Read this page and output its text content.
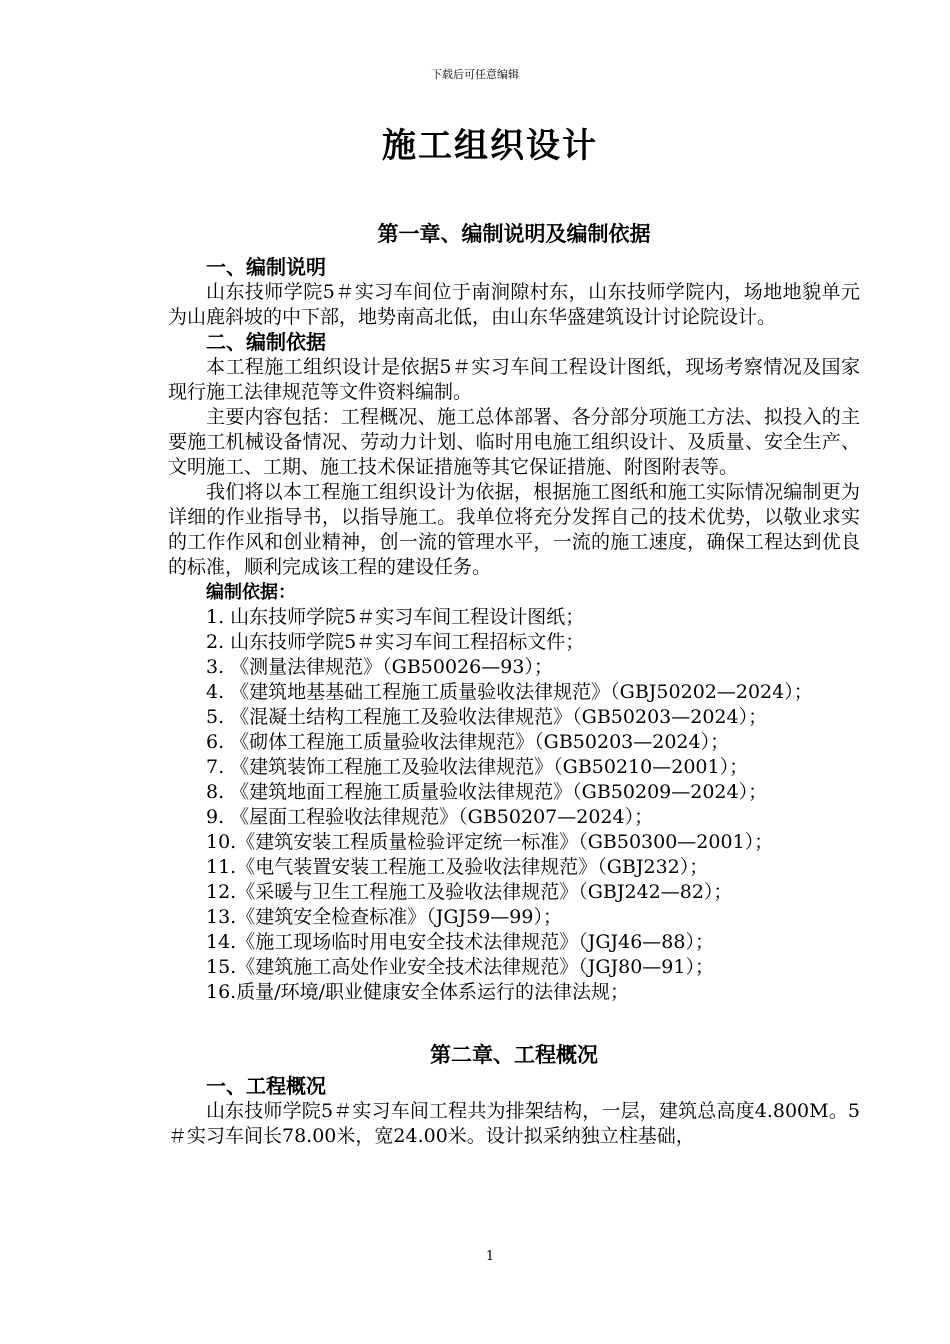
下载后可任意编辑
施工组织设计
第一章、编制说明及编制依据
一、编制说明

山东技师学院5＃实习车间位于南涧隙村东，山东技师学院内，场地地貌单元为山鹿斜坡的中下部，地势南高北低，由山东华盛建筑设计讨论院设计。

二、编制依据

本工程施工组织设计是依据5＃实习车间工程设计图纸，现场考察情况及国家现行施工法律规范等文件资料编制。

主要内容包括：工程概况、施工总体部署、各分部分项施工方法、拟投入的主要施工机械设备情况、劳动力计划、临时用电施工组织设计、及质量、安全生产、文明施工、工期、施工技术保证措施等其它保证措施、附图附表等。

我们将以本工程施工组织设计为依据，根据施工图纸和施工实际情况编制更为详细的作业指导书，以指导施工。我单位将充分发挥自己的技术优势，以敬业求实的工作作风和创业精神，创一流的管理水平，一流的施工速度，确保工程达到优良的标准，顺利完成该工程的建设任务。

编制依据：
1. 山东技师学院5＃实习车间工程设计图纸；
2. 山东技师学院5＃实习车间工程招标文件；
3. 《测量法律规范》（GB50026—93）；
4. 《建筑地基基础工程施工质量验收法律规范》（GBJ50202—2024）；
5. 《混凝土结构工程施工及验收法律规范》（GB50203—2024）；
6. 《砌体工程施工质量验收法律规范》（GB50203—2024）；
7. 《建筑装饰工程施工及验收法律规范》（GB50210—2001）；
8. 《建筑地面工程施工质量验收法律规范》（GB50209—2024）；
9. 《屋面工程验收法律规范》（GB50207—2024）；
10.《建筑安装工程质量检验评定统一标准》（GB50300—2001）；
11.《电气装置安装工程施工及验收法律规范》（GBJ232）；
12.《采暖与卫生工程施工及验收法律规范》（GBJ242—82）；
13.《建筑安全检查标准》（JGJ59—99）；
14.《施工现场临时用电安全技术法律规范》（JGJ46—88）；
15.《建筑施工高处作业安全技术法律规范》（JGJ80—91）；
16.质量/环境/职业健康安全体系运行的法律法规；
第二章、工程概况
一、工程概况

山东技师学院5＃实习车间工程共为排架结构，一层，建筑总高度4.800M。5＃实习车间长78.00米，宽24.00米。设计拟采纳独立柱基础，

1
